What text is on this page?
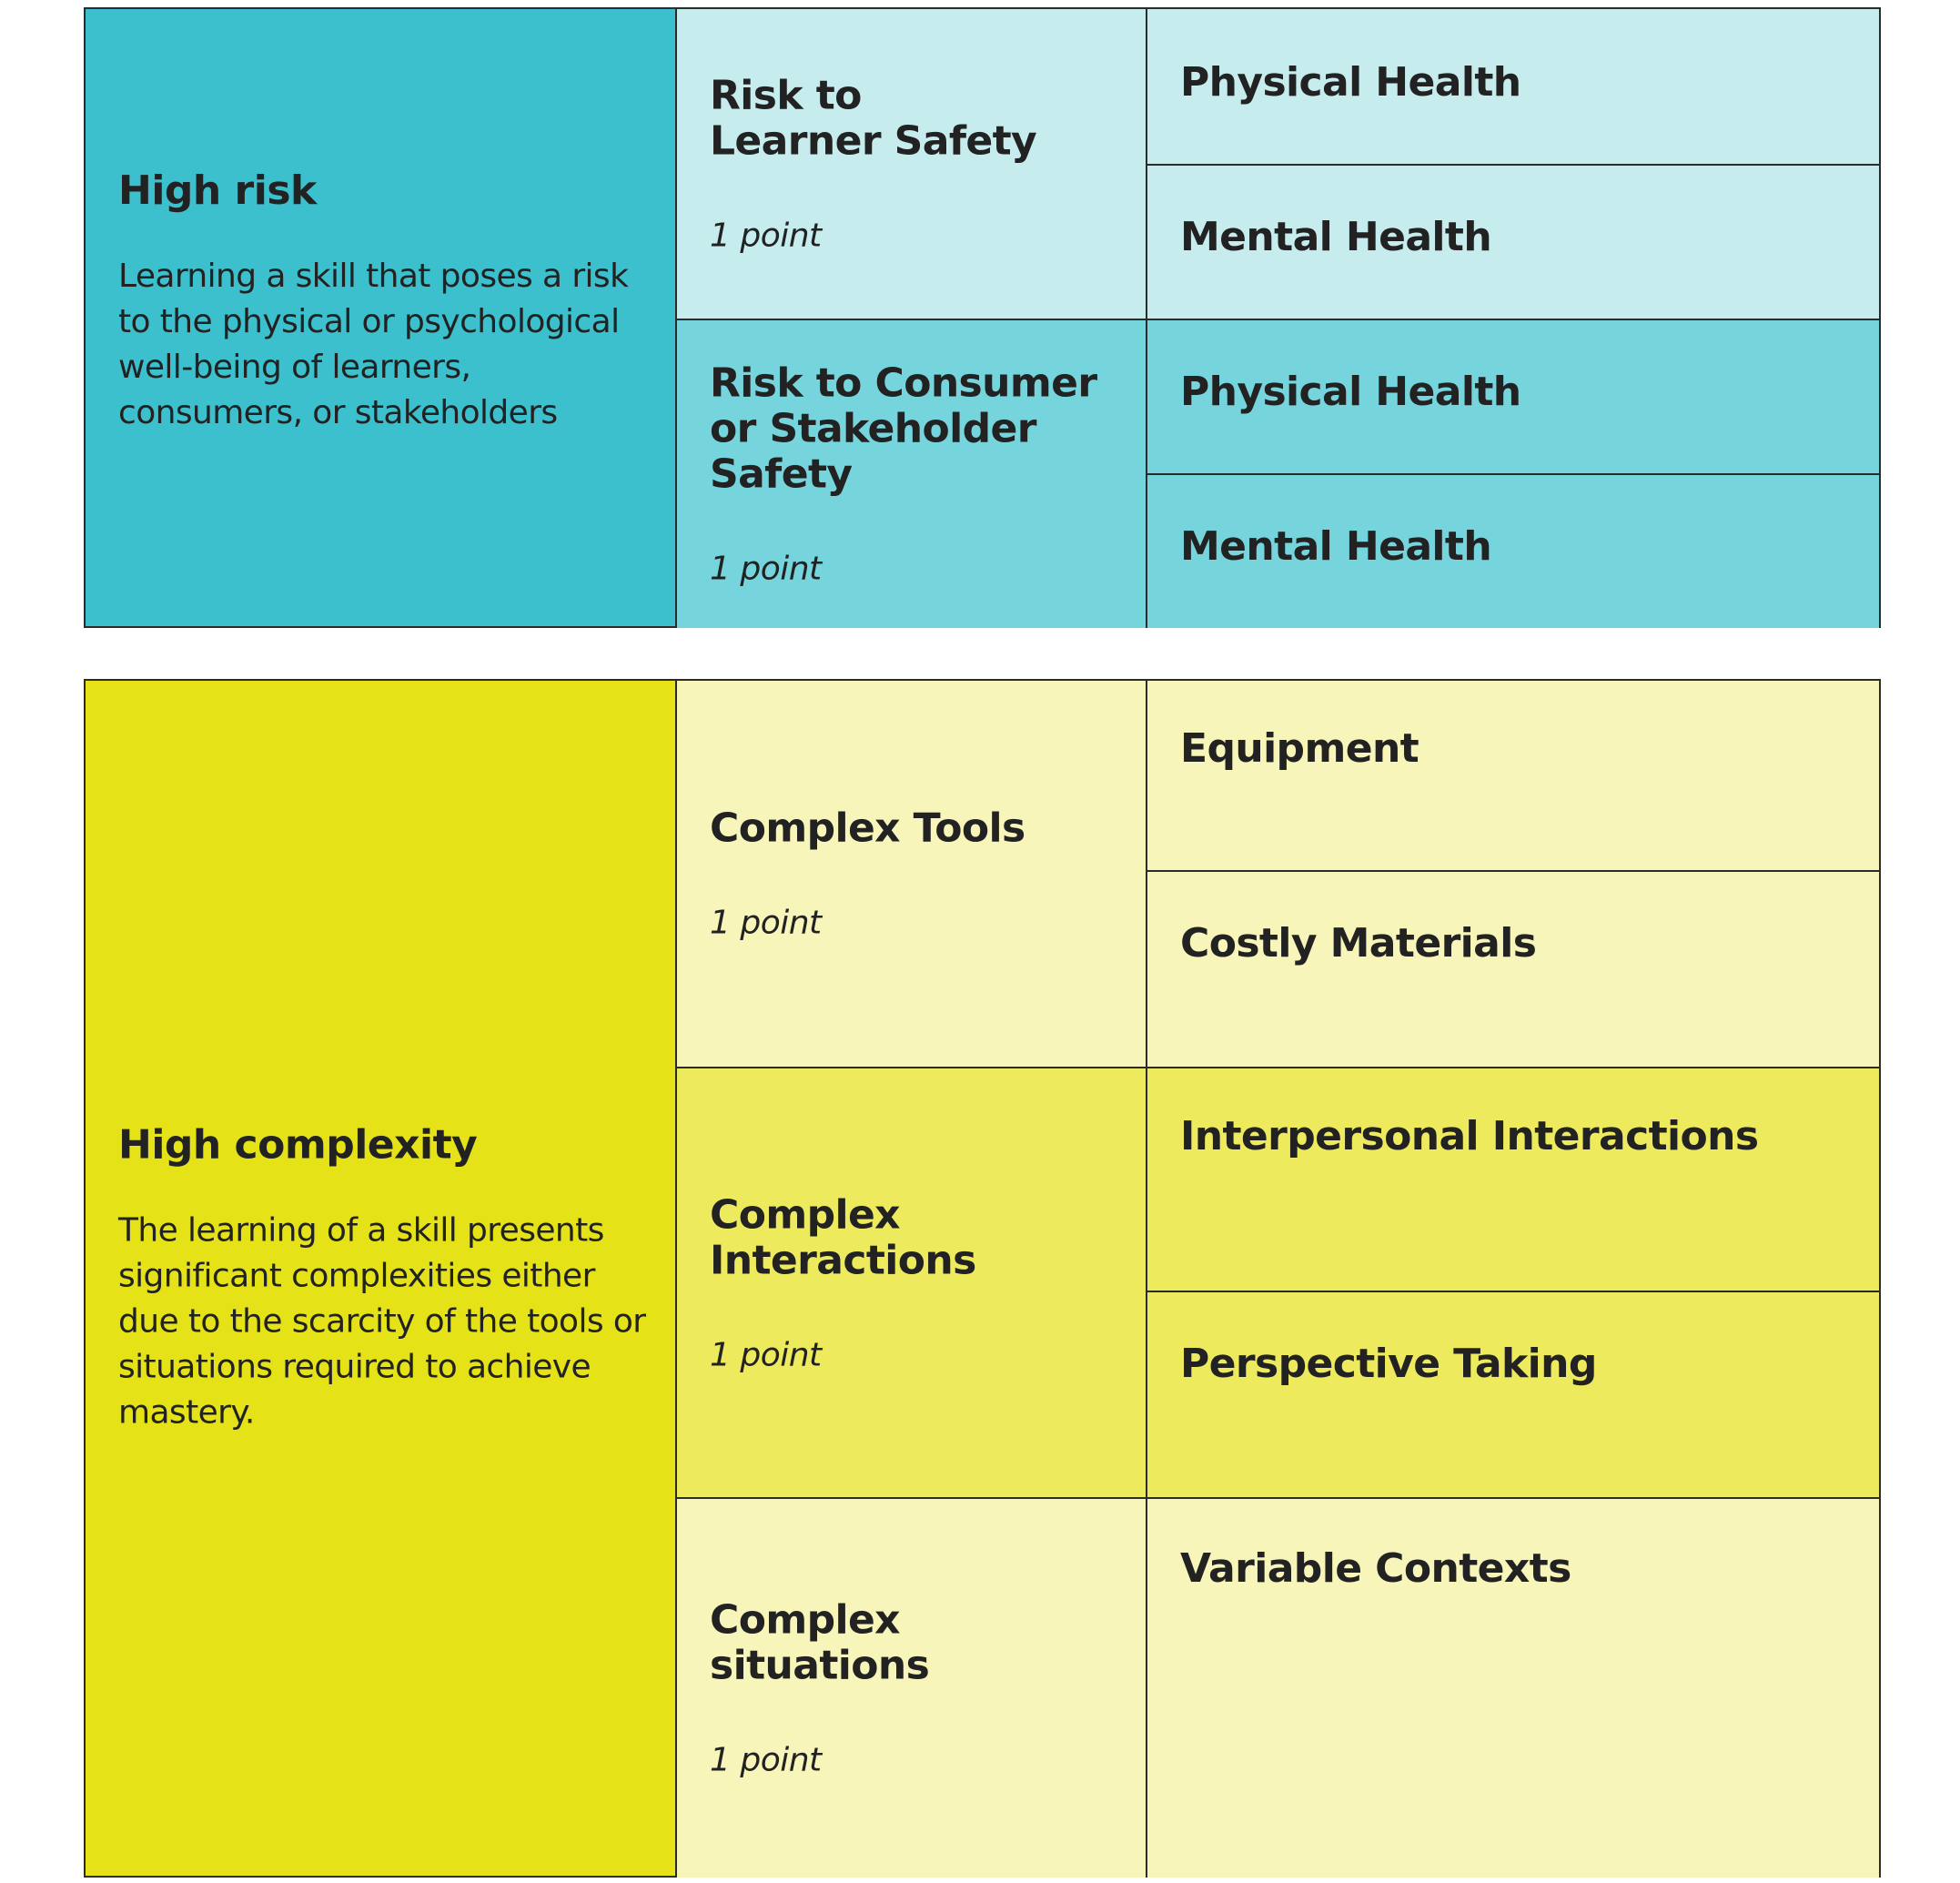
High risk
Learning a skill that poses a risk to the physical or psychological well-being of learners, consumers, or stakeholders
Risk to Learner Safety
1 point
Risk to Consumer or Stakeholder Safety
1 point
Physical Health
Mental Health
Physical Health
Mental Health
High complexity
The learning of a skill presents significant complexities either due to the scarcity of the tools or situations required to achieve mastery.
Complex Tools
1 point
Complex Interactions
1 point
Complex situations
1 point
Equipment
Costly Materials
Interpersonal Interactions
Perspective Taking
Variable Contexts
